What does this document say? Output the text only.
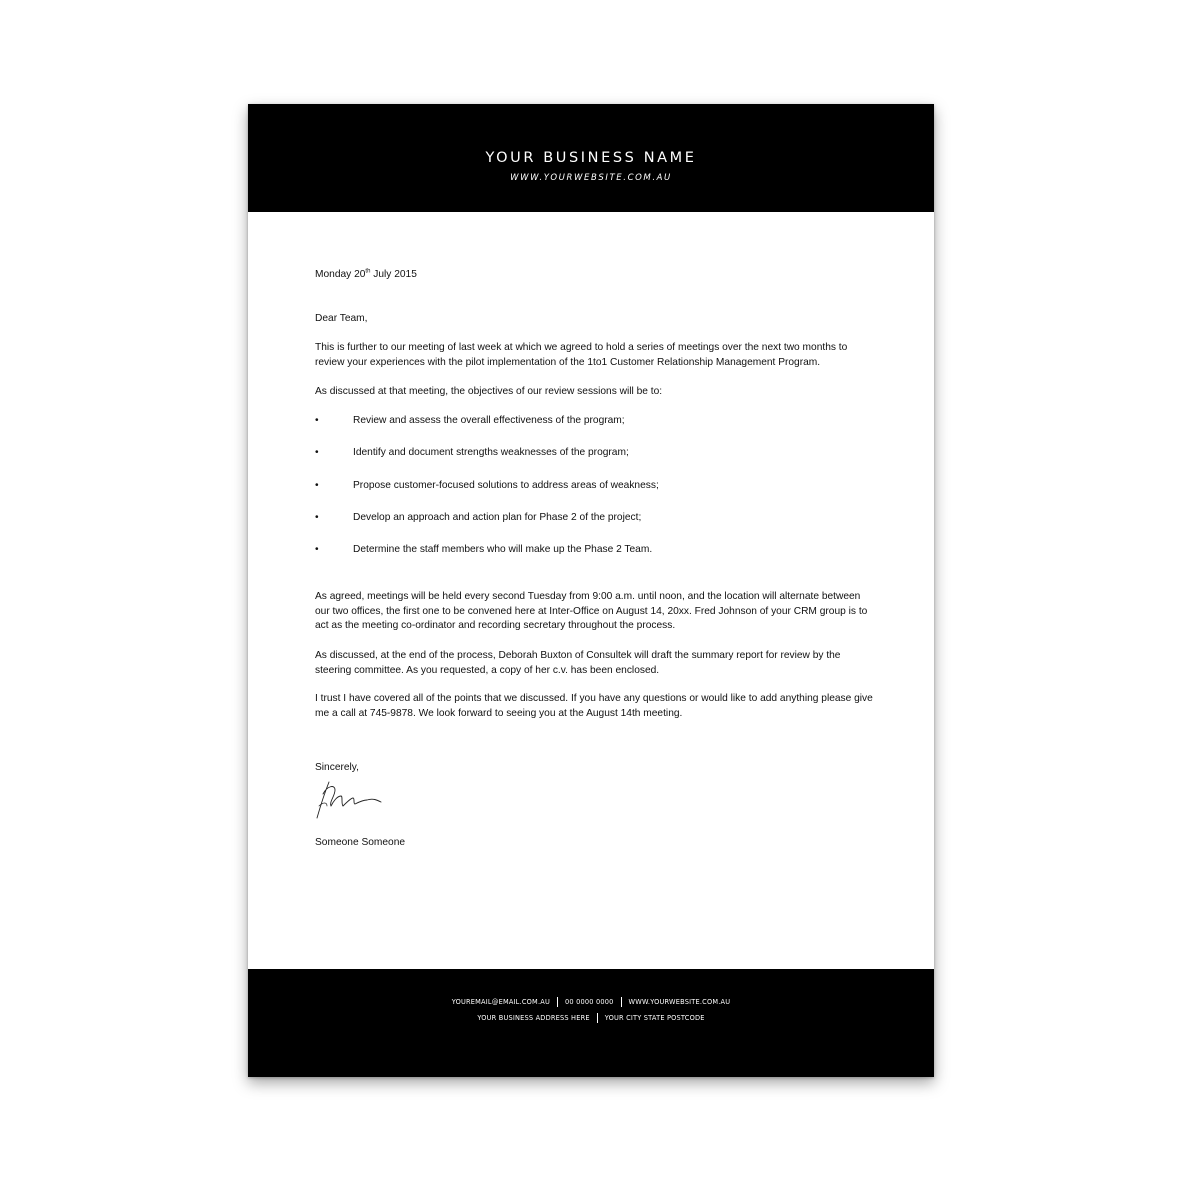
YOUR BUSINESS NAME
WWW.YOURWEBSITE.COM.AU
Monday 20th July 2015

Dear Team,

This is further to our meeting of last week at which we agreed to hold a series of meetings over the next two months to review your experiences with the pilot implementation of the 1to1 Customer Relationship Management Program.

As discussed at that meeting, the objectives of our review sessions will be to:

•	Review and assess the overall effectiveness of the program;
•	Identify and document strengths weaknesses of the program;
•	Propose customer-focused solutions to address areas of weakness;
•	Develop an approach and action plan for Phase 2 of the project;
•	Determine the staff members who will make up the Phase 2 Team.

As agreed, meetings will be held every second Tuesday from 9:00 a.m. until noon, and the location will alternate between our two offices, the first one to be convened here at Inter-Office on August 14, 20xx. Fred Johnson of your CRM group is to act as the meeting co-ordinator and recording secretary throughout the process.

As discussed, at the end of the process, Deborah Buxton of Consultek will draft the summary report for review by the steering committee. As you requested, a copy of her c.v. has been enclosed.

I trust I have covered all of the points that we discussed. If you have any questions or would like to add anything please give me a call at 745-9878. We look forward to seeing you at the August 14th meeting.

Sincerely,

Someone Someone

YOUREMAIL@EMAIL.COM.AU 00 0000 0000 WWW.YOURWEBSITE.COM.AU
YOUR BUSINESS ADDRESS HERE YOUR CITY STATE POSTCODE
